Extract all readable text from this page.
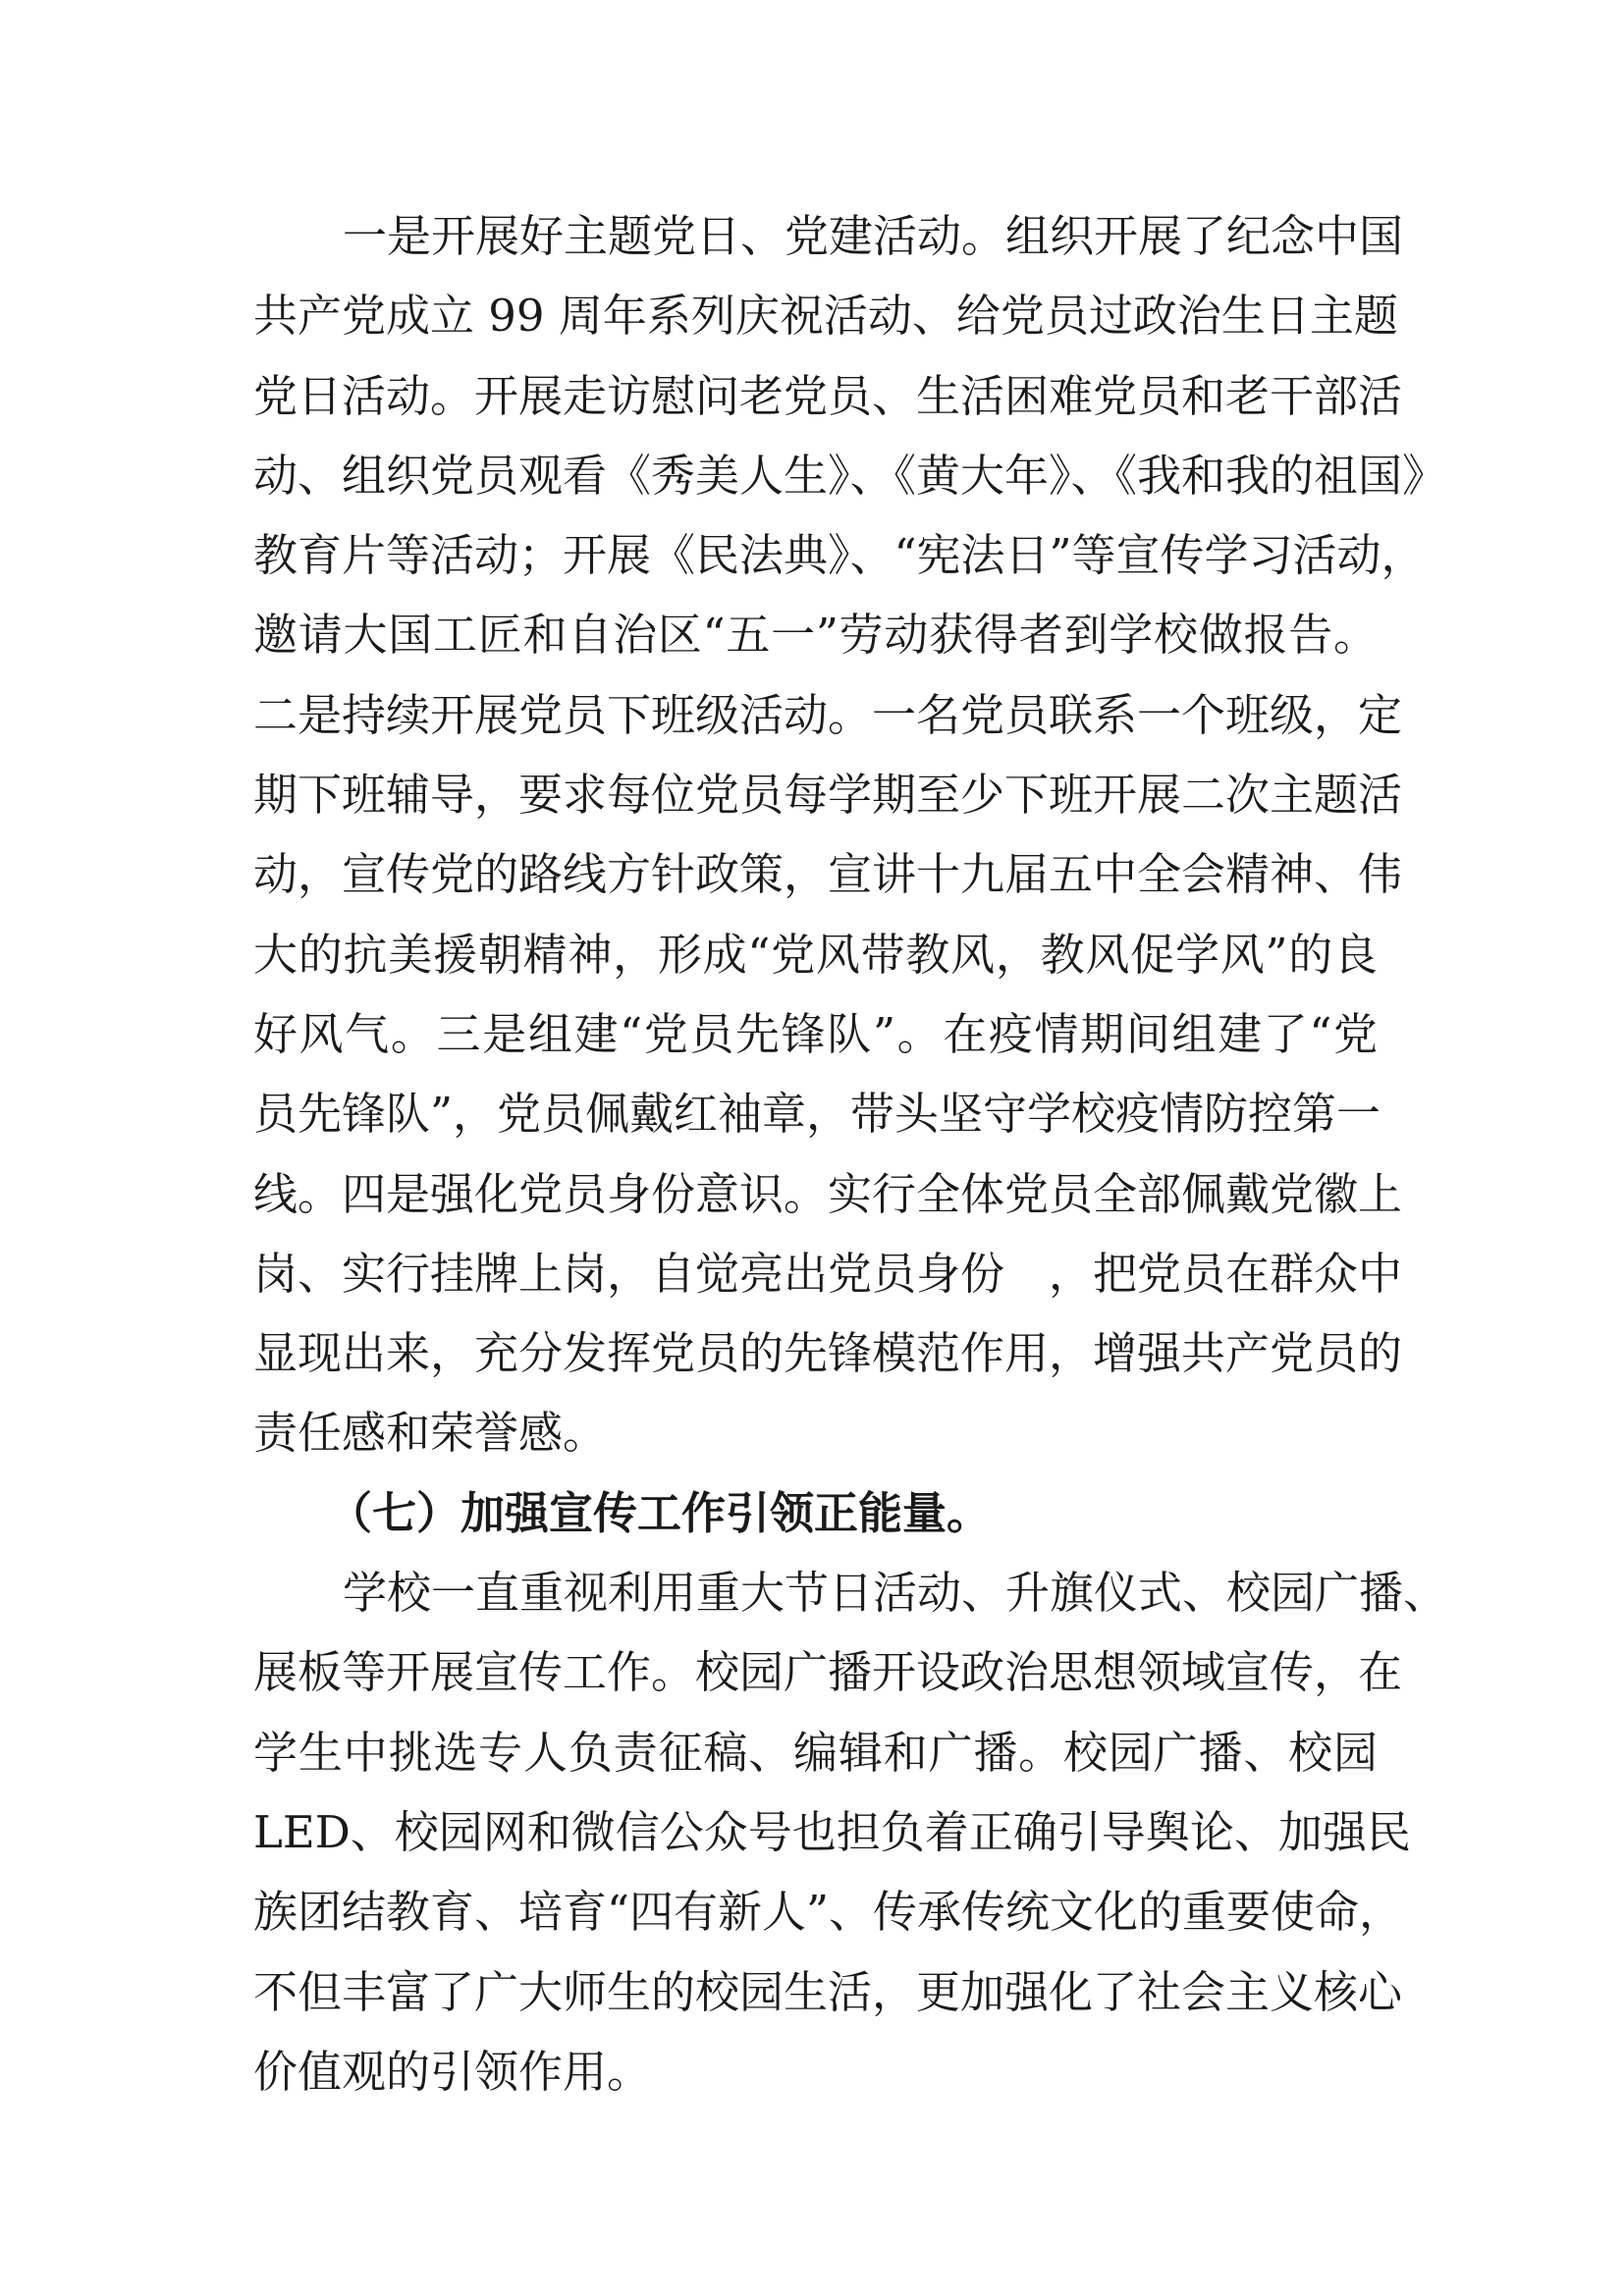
一是开展好主题党日、党建活动。组织开展了纪念中国
共产党成立 99 周年系列庆祝活动、给党员过政治生日主题
党日活动。开展走访慰问老党员、生活困难党员和老干部活
动、组织党员观看《秀美人生》、《黄大年》、《我和我的祖国》
教育片等活动；开展《民法典》、“宪法日”等宣传学习活动，
邀请大国工匠和自治区“五一”劳动获得者到学校做报告。
二是持续开展党员下班级活动。一名党员联系一个班级，定
期下班辅导，要求每位党员每学期至少下班开展二次主题活
动，宣传党的路线方针政策，宣讲十九届五中全会精神、伟
大的抗美援朝精神，形成“党风带教风，教风促学风”的良
好风气。三是组建“党员先锋队”。在疫情期间组建了“党
员先锋队”，党员佩戴红袖章，带头坚守学校疫情防控第一
线。四是强化党员身份意识。实行全体党员全部佩戴党徽上
岗、实行挂牌上岗，自觉亮出党员身份　，把党员在群众中
显现出来，充分发挥党员的先锋模范作用，增强共产党员的
责任感和荣誉感。
（七）加强宣传工作引领正能量。
学校一直重视利用重大节日活动、升旗仪式、校园广播、
展板等开展宣传工作。校园广播开设政治思想领域宣传，在
学生中挑选专人负责征稿、编辑和广播。校园广播、校园
LED、校园网和微信公众号也担负着正确引导舆论、加强民
族团结教育、培育“四有新人”、传承传统文化的重要使命，
不但丰富了广大师生的校园生活，更加强化了社会主义核心
价值观的引领作用。
